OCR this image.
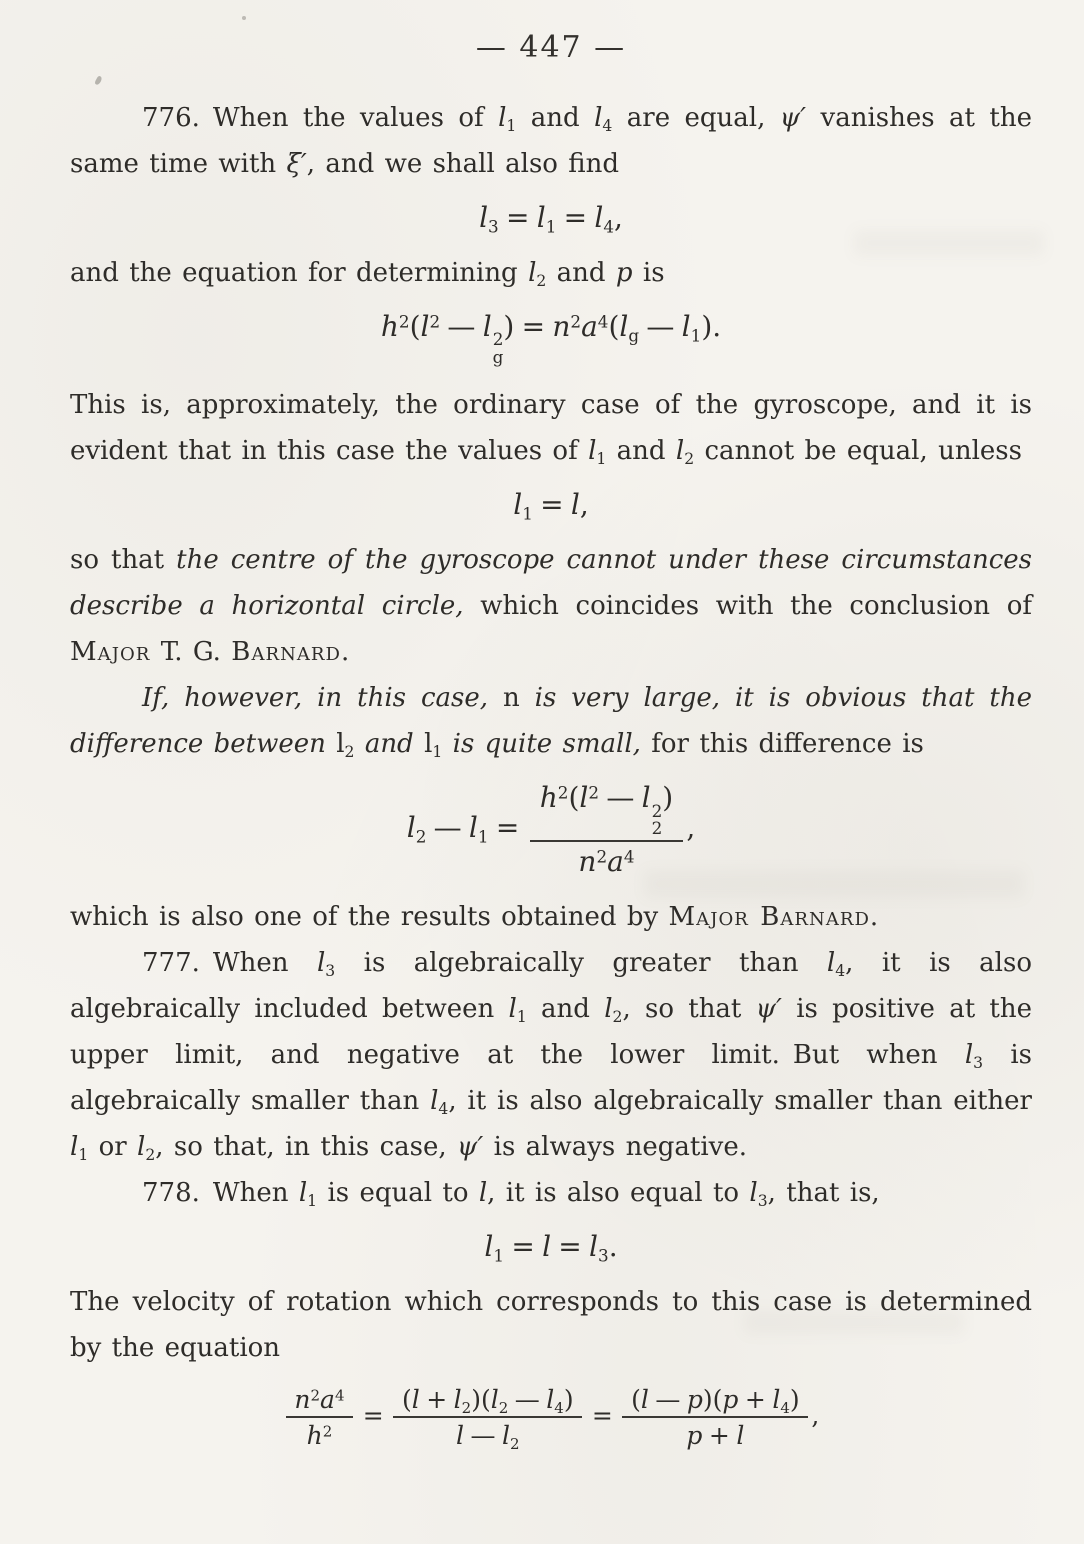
— 447 —

776. When the values of $l_1$ and $l_4$ are equal, ψ′ vanishes at the same time with ξ′, and we shall also find

$l_3 = l_1 = l_4$,

and the equation for determining $l_2$ and p is

$h^2(l^2$ — l 2
g
) = $n^2a^4(l_g$ — $l_1$).

This is, approximately, the ordinary case of the gyroscope, and it is evident that in this case the values of $l_1$ and $l_2$ cannot be equal, unless

$l_1 = l$,

so that the centre of the gyroscope cannot under these circumstances describe a horizontal circle, which coincides with the conclusion of Major T. G. Barnard.

If, however, in this case, n is very large, it is obvious that the difference between $l_2$ and $l_1$ is quite small, for this difference is

$l_2$ — $l_1 = h^2(l^2$ — l 2
2
)
$n^2a^4$ ,

which is also one of the results obtained by Major Barnard.

777. When $l_3$ is algebraically greater than $l_4$, it is also algebraically included between $l_1$ and $l_2$, so that ψ′ is positive at the upper limit, and negative at the lower limit. But when $l_3$ is algebraically smaller than $l_4$, it is also algebraically smaller than either $l_1$ or $l_2$, so that, in this case, ψ′ is always negative.

778. When $l_1$ is equal to l, it is also equal to $l_3$, that is,

$l_1 = l = l_3$.

The velocity of rotation which corresponds to this case is determined by the equation

$\frac{n^2a^4}{h^2} = \frac{(l + l_2)(l_2 — l_4)}{l — l_2} = \frac{(l — p)(p + l_4)}{p + l}$ ,
